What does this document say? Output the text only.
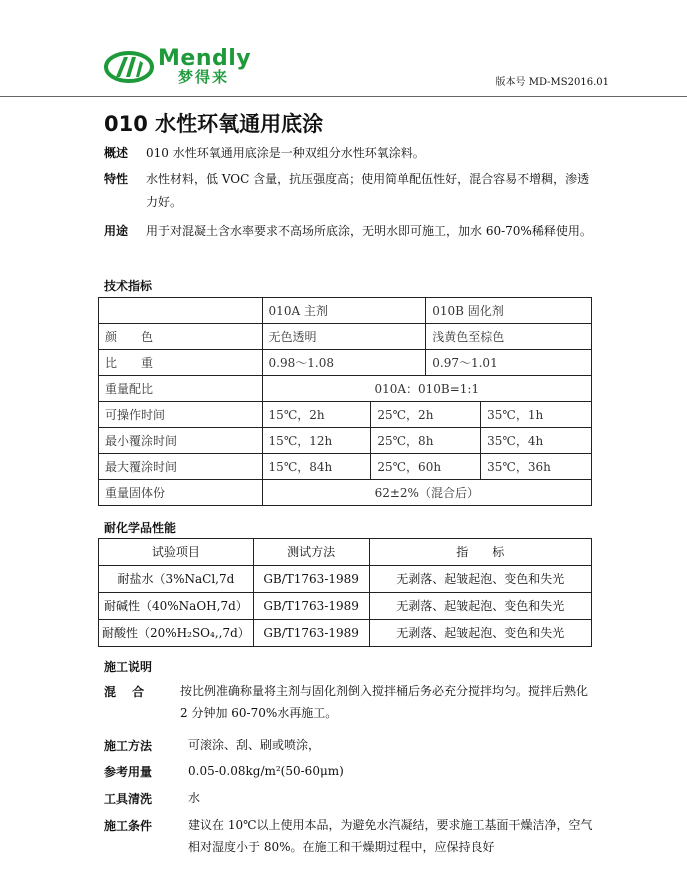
Mendly
梦得来	版本号 MD-MS2016.01
010 水性环氧通用底涂
概述 010 水性环氧通用底涂是一种双组分水性环氧涂料。
特性 水性材料，低 VOC 含量，抗压强度高；使用简单配伍性好，混合容易不增稠，渗透力好。
用途 用于对混凝土含水率要求不高场所底涂，无明水即可施工，加水 60-70%稀释使用。
技术指标
	010A 主剂		010B 固化剂	
颜　　色	无色透明		浅黄色至棕色	
比　　重	0.98～1.08		0.97～1.01	
重量配比	010A：010B=1:1			
可操作时间	15℃，2h	25℃，2h		35℃，1h
最小覆涂时间	15℃，12h	25℃，8h		35℃，4h
最大覆涂时间	15℃，84h	25℃，60h		35℃，36h
重量固体份	62±2%（混合后）			
耐化学品性能
试验项目	测试方法	指　　标
耐盐水（3%NaCl,7d	GB/T1763-1989	无剥落、起皱起泡、变色和失光
耐碱性（40%NaOH,7d）	GB/T1763-1989	无剥落、起皱起泡、变色和失光
耐酸性（20%H₂SO₄,,7d）	GB/T1763-1989	无剥落、起皱起泡、变色和失光
施工说明
混　 合	按比例准确称量将主剂与固化剂倒入搅拌桶后务必充分搅拌均匀。搅拌后熟化 2 分钟加 60-70%水再施工。
施工方法	可滚涂、刮、刷或喷涂，
参考用量	0.05-0.08kg/m²(50-60μm)
工具清洗	水
施工条件	建议在 10℃以上使用本品，为避免水汽凝结，要求施工基面干燥洁净，空气相对湿度小于 80%。在施工和干燥期过程中，应保持良好
